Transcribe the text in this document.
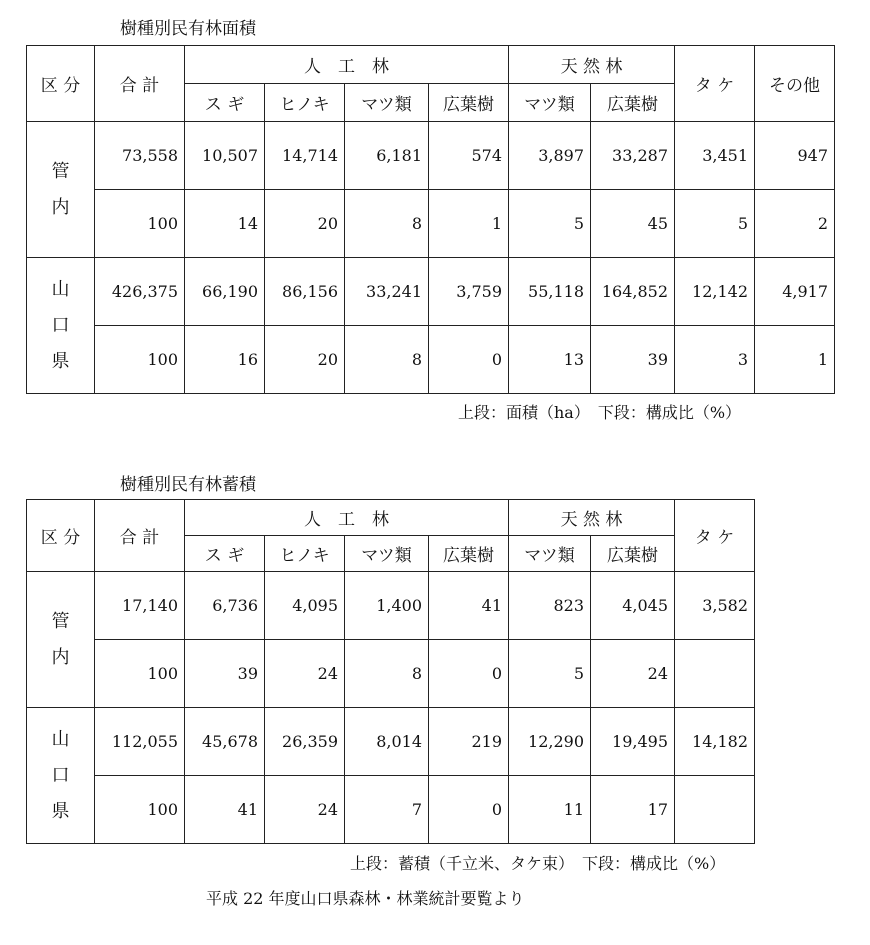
樹種別民有林面積
区 分	合 計	人　工　林				天 然 林		タ ケ	その他
		ス ギ	ヒノキ	マツ類	広葉樹	マツ類	広葉樹		
管
内	73,558	10,507	14,714	6,181	574	3,897	33,287	3,451	947
	100	14	20	8	1	5	45	5	2
山
口
県	426,375	66,190	86,156	33,241	3,759	55,118	164,852	12,142	4,917
	100	16	20	8	0	13	39	3	1
上段：面積（ha）　下段：構成比（%）
樹種別民有林蓄積
区 分	合 計	人　工　林				天 然 林		タ ケ
		ス ギ	ヒノキ	マツ類	広葉樹	マツ類	広葉樹	
管
内	17,140	6,736	4,095	1,400	41	823	4,045	3,582
	100	39	24	8	0	5	24	
山
口
県	112,055	45,678	26,359	8,014	219	12,290	19,495	14,182
	100	41	24	7	0	11	17	
上段：蓄積（千立米、タケ束）　下段：構成比（%）
平成 22 年度山口県森林・林業統計要覧より
